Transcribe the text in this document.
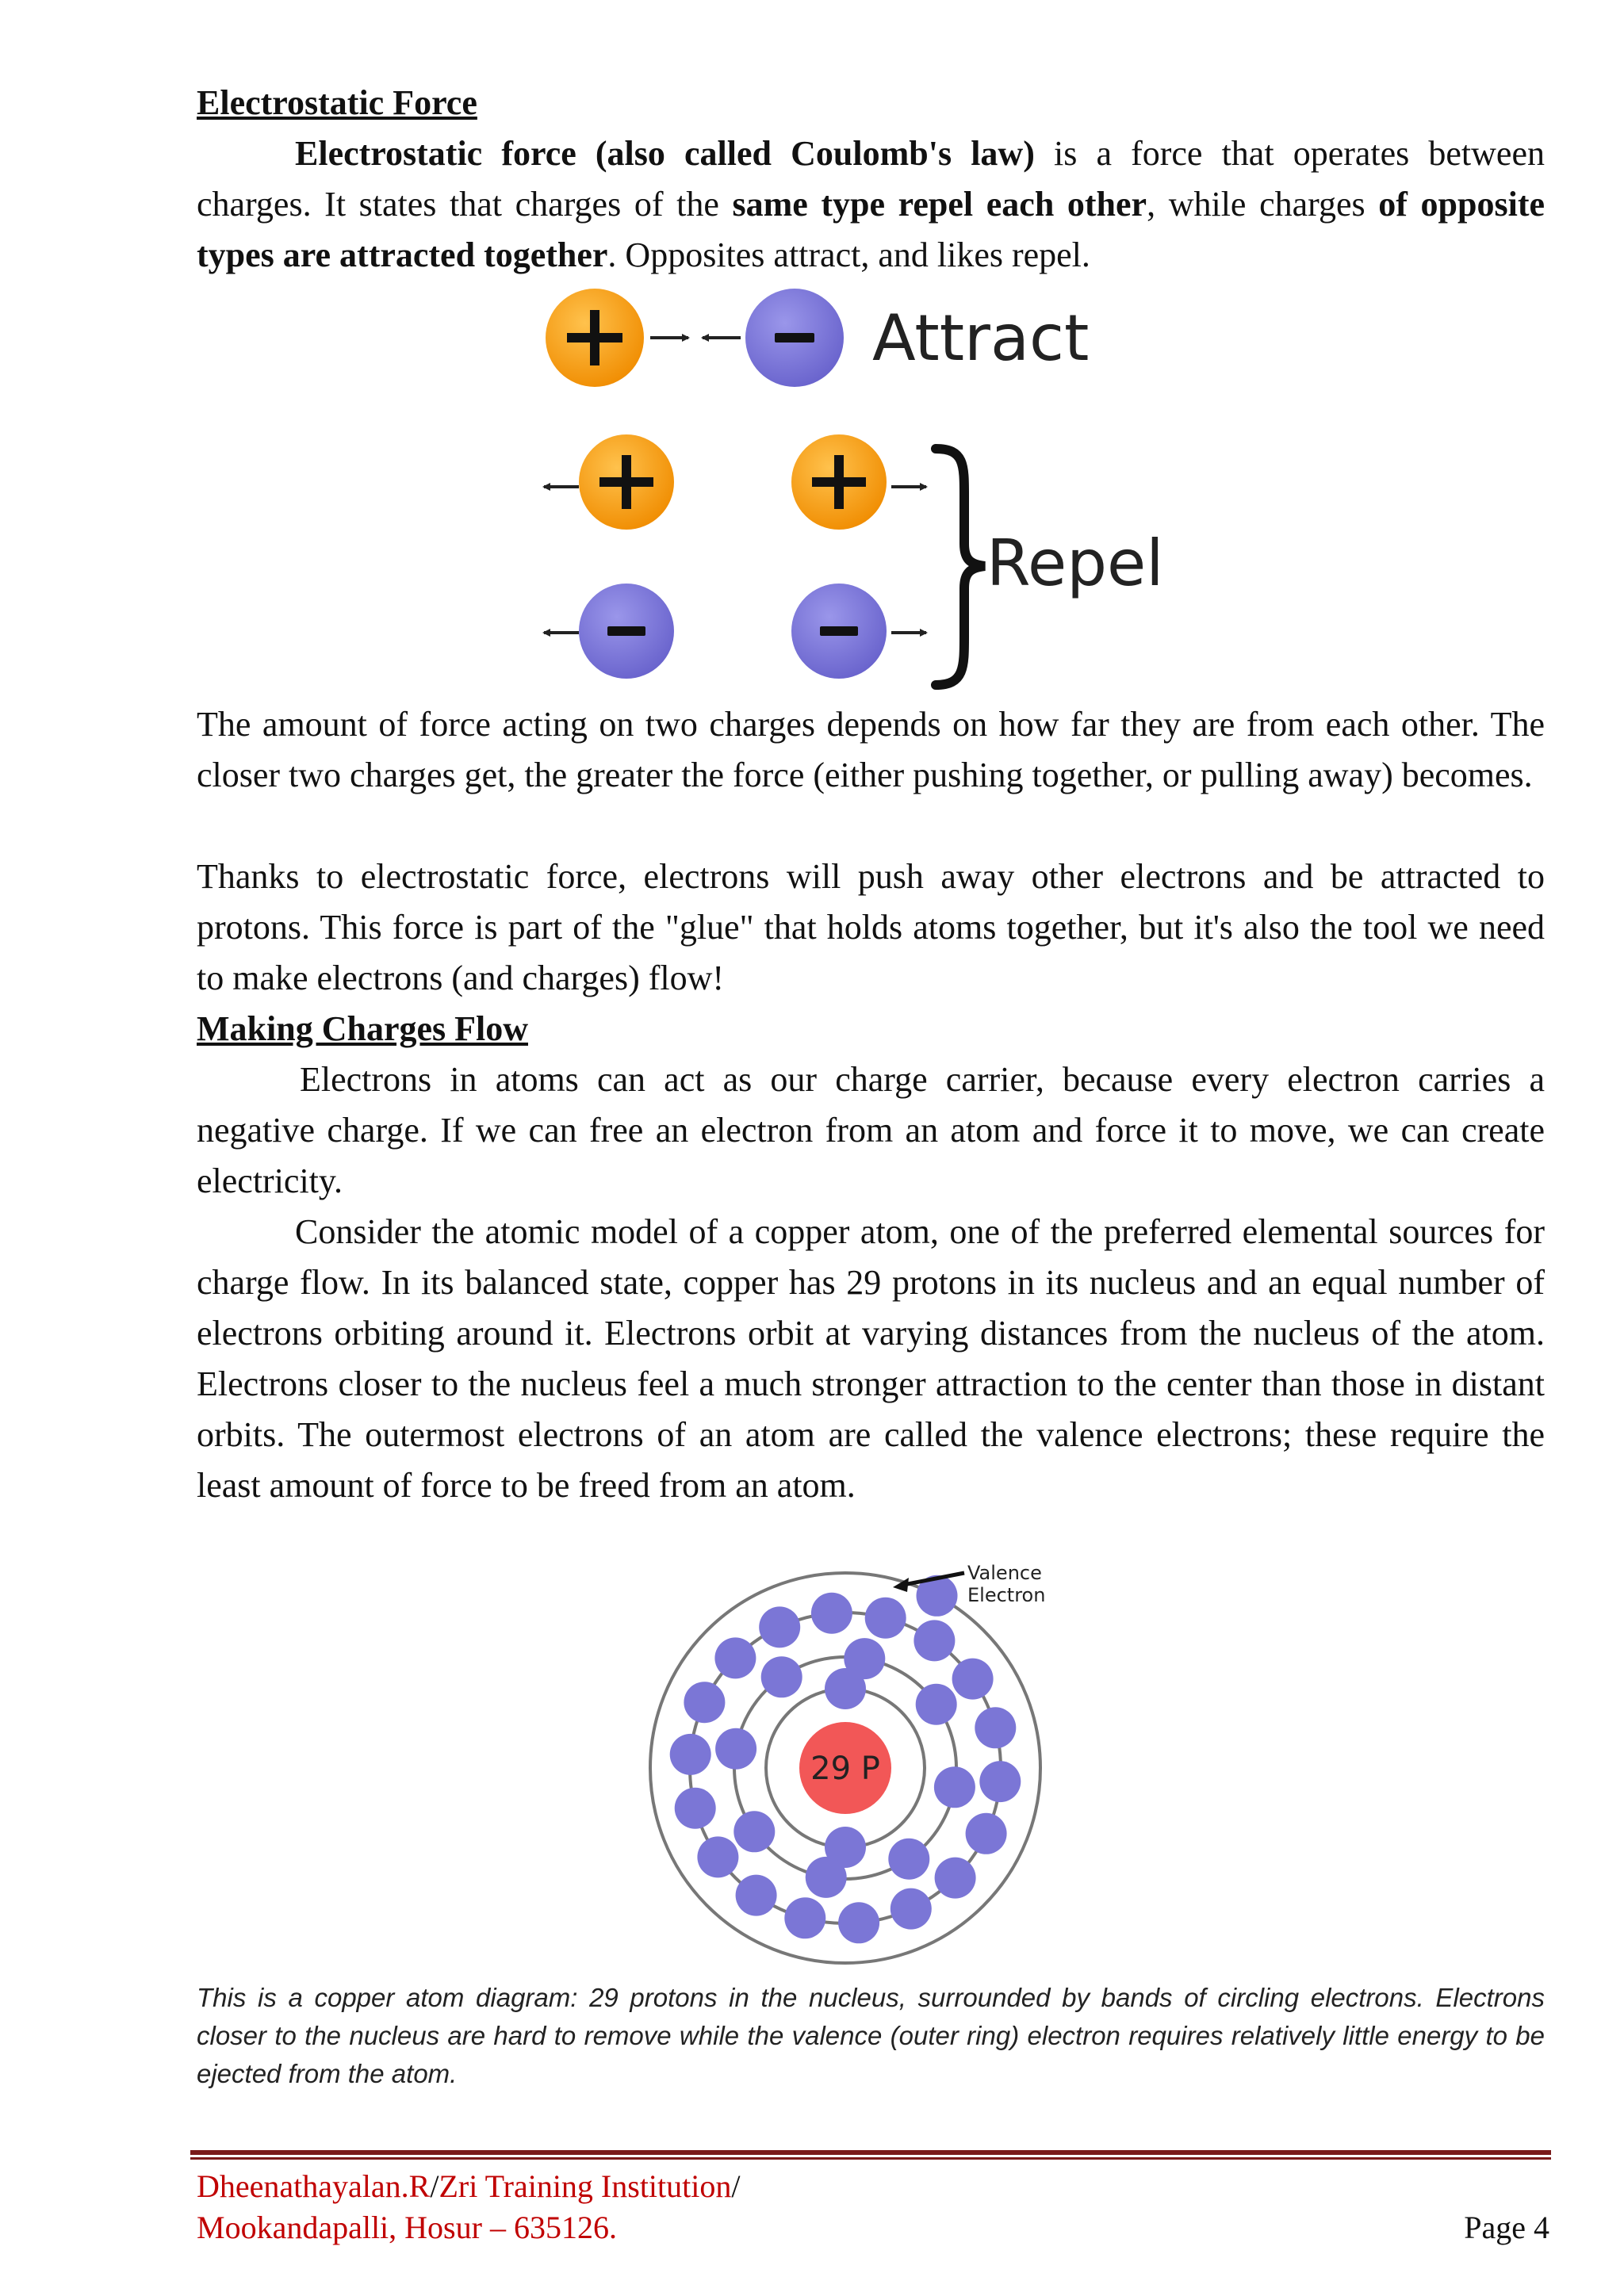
Electrostatic Force

Electrostatic force (also called Coulomb's law) is a force that operates between charges. It states that charges of the same type repel each other, while charges of opposite types are attracted together. Opposites attract, and likes repel.

Attract
Repel

The amount of force acting on two charges depends on how far they are from each other. The closer two charges get, the greater the force (either pushing together, or pulling away) becomes.

Thanks to electrostatic force, electrons will push away other electrons and be attracted to protons. This force is part of the "glue" that holds atoms together, but it's also the tool we need to make electrons (and charges) flow!

Making Charges Flow

Electrons in atoms can act as our charge carrier, because every electron carries a negative charge. If we can free an electron from an atom and force it to move, we can create electricity.

Consider the atomic model of a copper atom, one of the preferred elemental sources for charge flow. In its balanced state, copper has 29 protons in its nucleus and an equal number of electrons orbiting around it. Electrons orbit at varying distances from the nucleus of the atom. Electrons closer to the nucleus feel a much stronger attraction to the center than those in distant orbits. The outermost electrons of an atom are called the valence electrons; these require the least amount of force to be freed from an atom.

29 P
Valence
Electron

This is a copper atom diagram: 29 protons in the nucleus, surrounded by bands of circling electrons. Electrons closer to the nucleus are hard to remove while the valence (outer ring) electron requires relatively little energy to be ejected from the atom.

Dheenathayalan.R/Zri Training Institution/
Mookandapalli, Hosur – 635126.	Page 4
